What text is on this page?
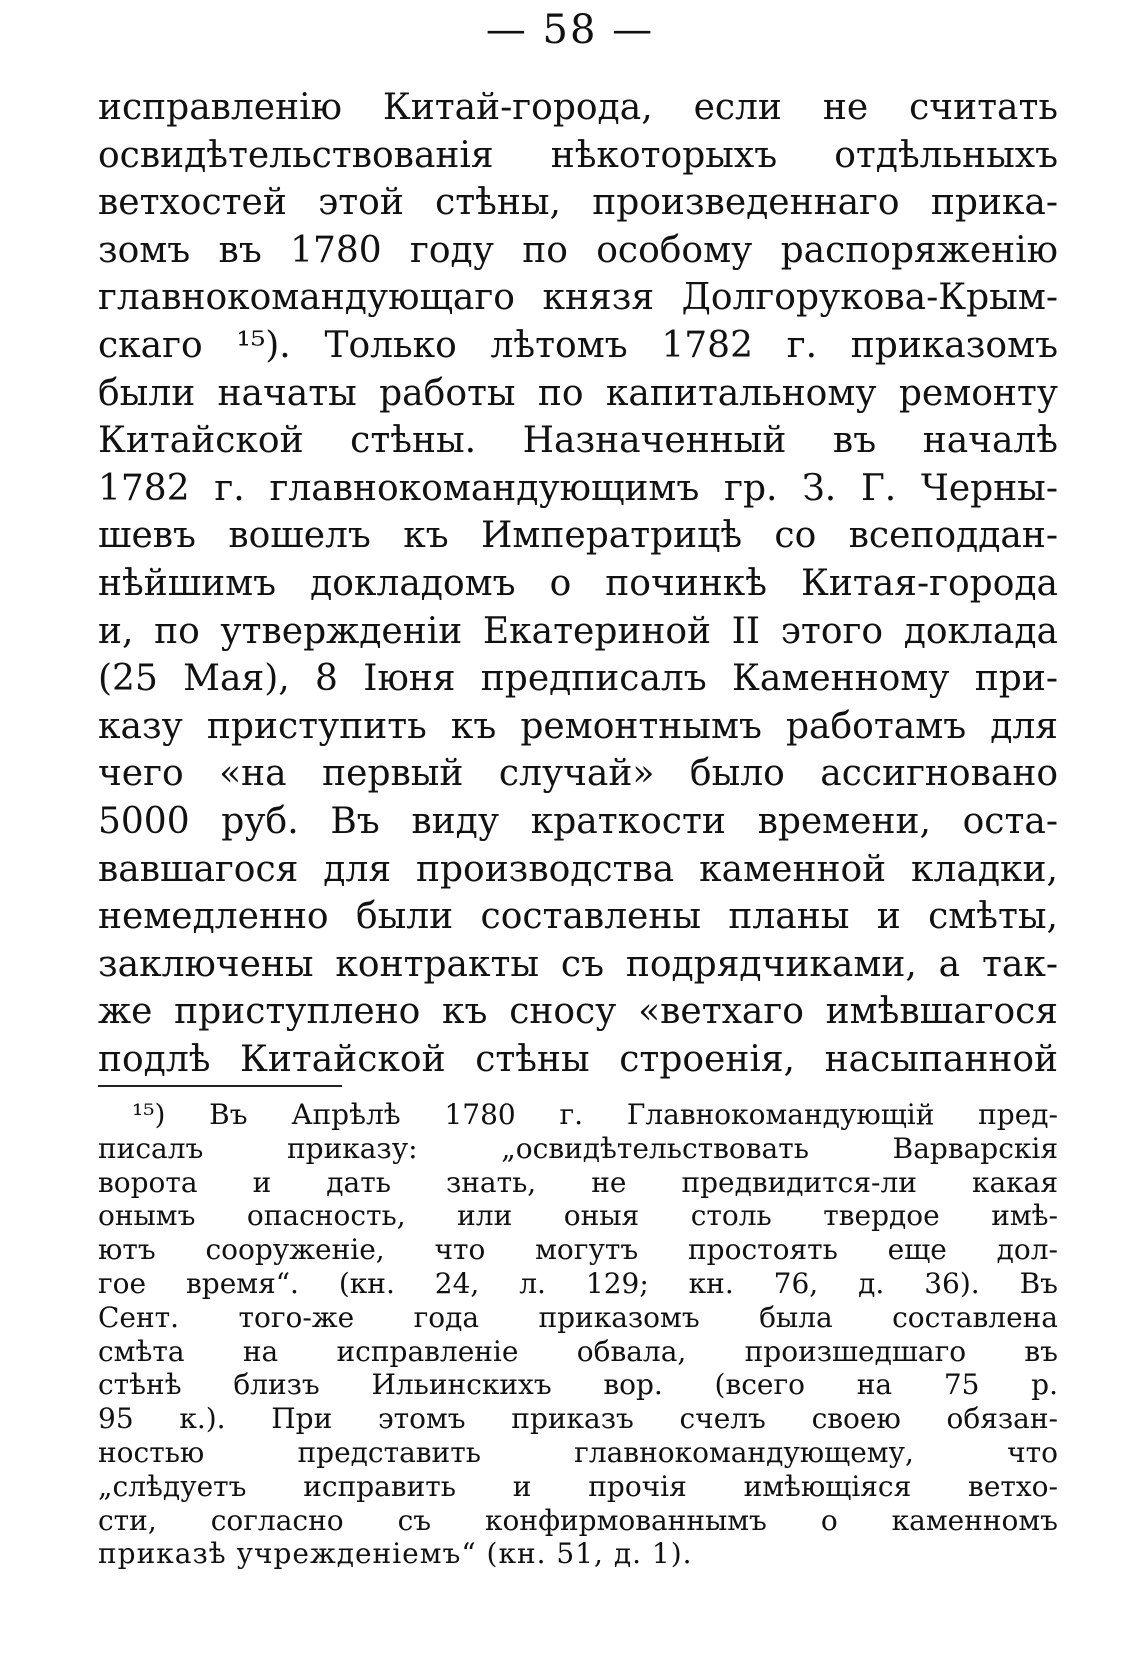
— 58 —
исправленію Китай-города, если не считать
освидѣтельствованія нѣкоторыхъ отдѣльныхъ
ветхостей этой стѣны, произведеннаго прика-
зомъ въ 1780 году по особому распоряженію
главнокомандующаго князя Долгорукова-Крым-
скаго ¹⁵). Только лѣтомъ 1782 г. приказомъ
были начаты работы по капитальному ремонту
Китайской стѣны. Назначенный въ началѣ
1782 г. главнокомандующимъ гр. З. Г. Черны-
шевъ вошелъ къ Императрицѣ со всеподдан-
нѣйшимъ докладомъ о починкѣ Китая-города
и, по утвержденіи Екатериной II этого доклада
(25 Мая), 8 Іюня предписалъ Каменному при-
казу приступить къ ремонтнымъ работамъ для
чего «на первый случай» было ассигновано
5000 руб. Въ виду краткости времени, оста-
вавшагося для производства каменной кладки,
немедленно были составлены планы и смѣты,
заключены контракты съ подрядчиками, а так-
же приступлено къ сносу «ветхаго имѣвшагося
подлѣ Китайской стѣны строенія, насыпанной
¹⁵) Въ Апрѣлѣ 1780 г. Главнокомандующій пред-
писалъ приказу: „освидѣтельствовать Варварскія
ворота и дать знать, не предвидится-ли какая
онымъ опасность, или оныя столь твердое имѣ-
ютъ сооруженіе, что могутъ простоять еще дол-
гое время“. (кн. 24, л. 129; кн. 76, д. 36). Въ
Сент. того-же года приказомъ была составлена
смѣта на исправленіе обвала, произшедшаго въ
стѣнѣ близъ Ильинскихъ вор. (всего на 75 р.
95 к.). При этомъ приказъ счелъ своею обязан-
ностью представить главнокомандующему, что
„слѣдуетъ исправить и прочія имѣющіяся ветхо-
сти, согласно съ конфирмованнымъ о каменномъ
приказѣ учрежденіемъ“ (кн. 51, д. 1).
